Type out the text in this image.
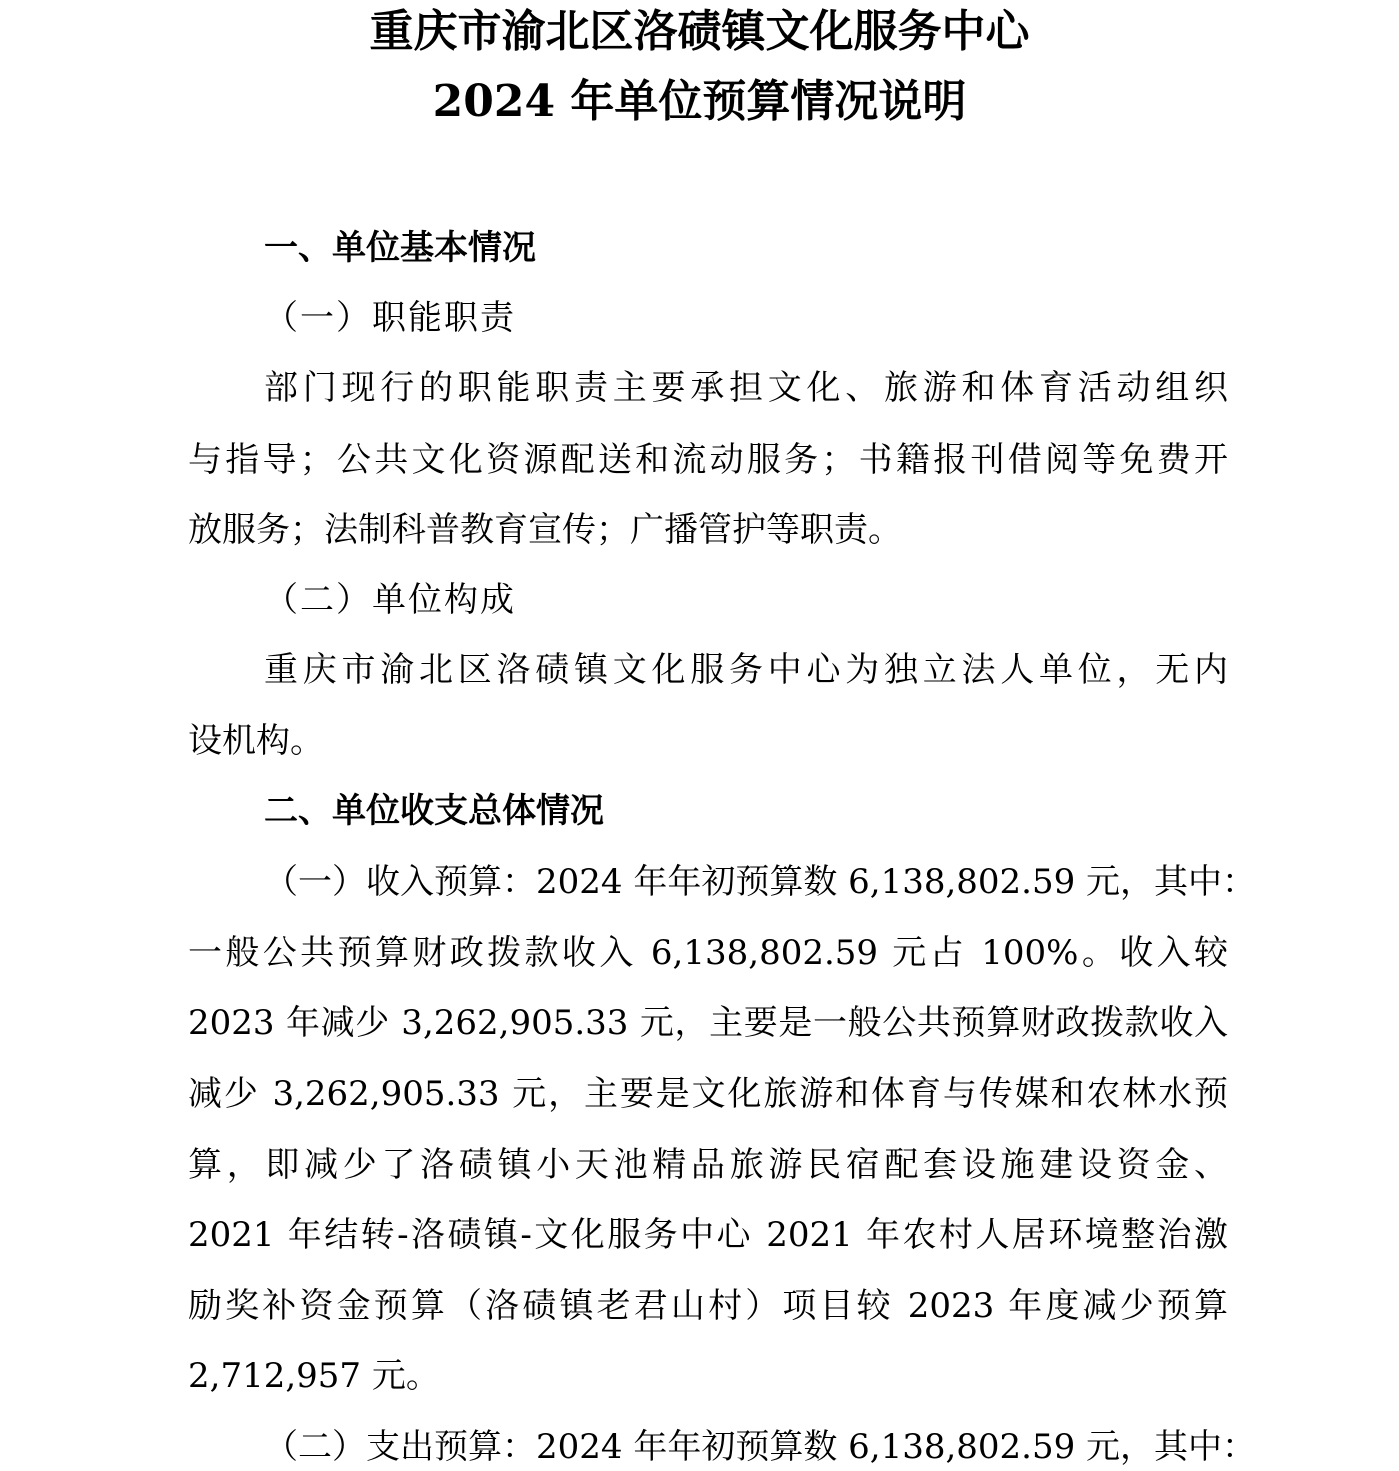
重庆市渝北区洛碛镇文化服务中心
2024 年单位预算情况说明
一、单位基本情况
（一）职能职责
部门现行的职能职责主要承担文化、旅游和体育活动组织
与指导；公共文化资源配送和流动服务；书籍报刊借阅等免费开
放服务；法制科普教育宣传；广播管护等职责。
（二）单位构成
重庆市渝北区洛碛镇文化服务中心为独立法人单位，无内
设机构。
二、单位收支总体情况
（一）收入预算：2024 年年初预算数 6,138,802.59 元，其中：
一般公共预算财政拨款收入 6,138,802.59 元占 100%。收入较
2023 年减少 3,262,905.33 元，主要是一般公共预算财政拨款收入
减少 3,262,905.33 元，主要是文化旅游和体育与传媒和农林水预
算，即减少了洛碛镇小天池精品旅游民宿配套设施建设资金、
2021 年结转-洛碛镇-文化服务中心 2021 年农村人居环境整治激
励奖补资金预算（洛碛镇老君山村）项目较 2023 年度减少预算
2,712,957 元。
（二）支出预算：2024 年年初预算数 6,138,802.59 元，其中：
